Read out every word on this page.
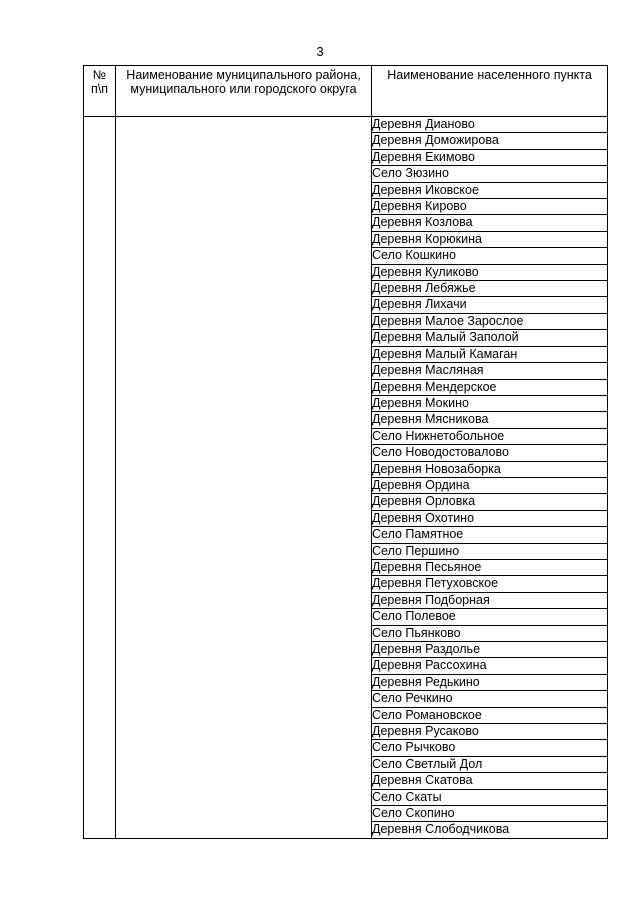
3
№ п\п	Наименование муниципального района, муниципального или городского округа	Наименование населенного пункта
		Деревня Дианово
		Деревня Доможирова
		Деревня Екимово
		Село Зюзино
		Деревня Иковское
		Деревня Кирово
		Деревня Козлова
		Деревня Корюкина
		Село Кошкино
		Деревня Куликово
		Деревня Лебяжье
		Деревня Лихачи
		Деревня Малое Зарослое
		Деревня Малый Заполой
		Деревня Малый Камаган
		Деревня Масляная
		Деревня Мендерское
		Деревня Мокино
		Деревня Мясникова
		Село Нижнетобольное
		Село Новодостовалово
		Деревня Новозаборка
		Деревня Ордина
		Деревня Орловка
		Деревня Охотино
		Село Памятное
		Село Першино
		Деревня Песьяное
		Деревня Петуховское
		Деревня Подборная
		Село Полевое
		Село Пьянково
		Деревня Раздолье
		Деревня Рассохина
		Деревня Редькино
		Село Речкино
		Село Романовское
		Деревня Русаково
		Село Рычково
		Село Светлый Дол
		Деревня Скатова
		Село Скаты
		Село Скопино
		Деревня Слободчикова
